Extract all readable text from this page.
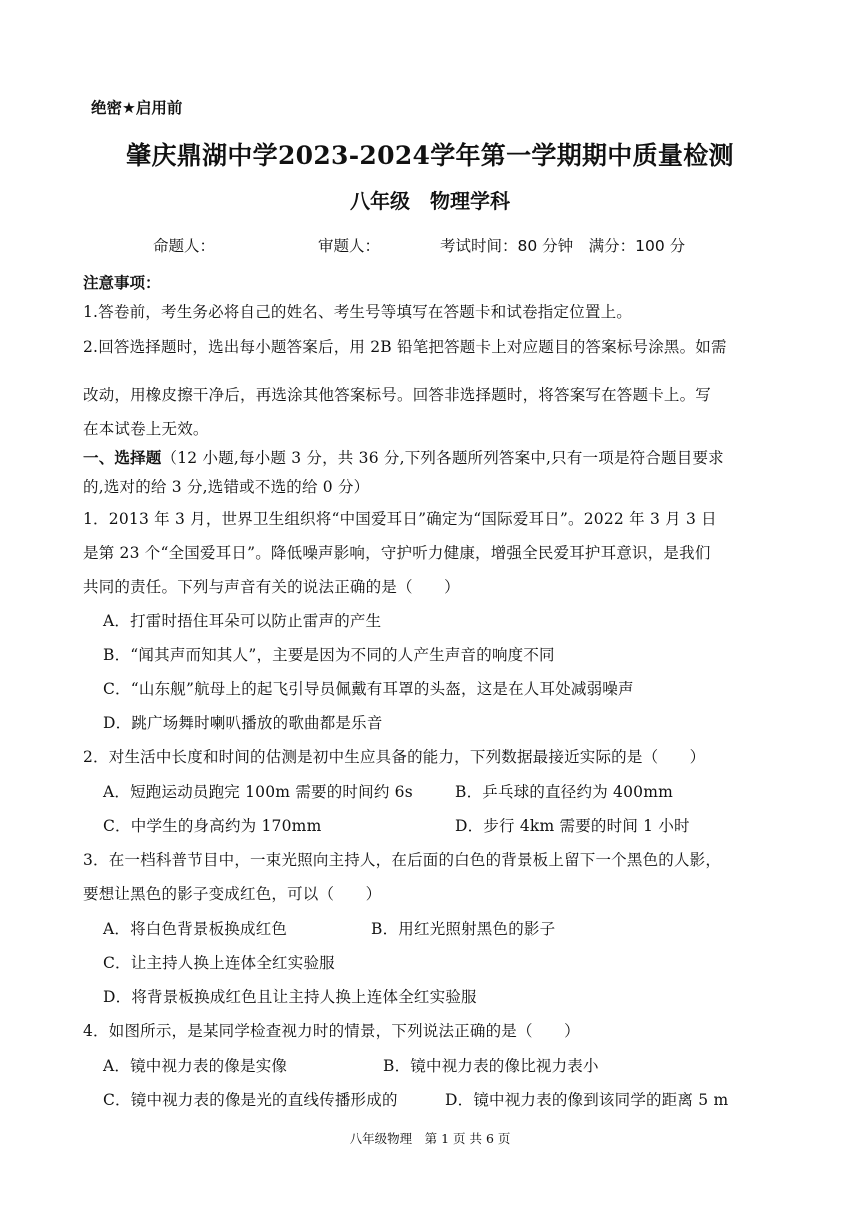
绝密★启用前
肇庆鼎湖中学2023-2024学年第一学期期中质量检测
八年级　物理学科
命题人：	审题人：	考试时间：80 分钟　满分：100 分
注意事项：
1.答卷前，考生务必将自己的姓名、考生号等填写在答题卡和试卷指定位置上。
2.回答选择题时，选出每小题答案后，用 2B 铅笔把答题卡上对应题目的答案标号涂黑。如需
改动，用橡皮擦干净后，再选涂其他答案标号。回答非选择题时，将答案写在答题卡上。写
在本试卷上无效。
一、选择题（12 小题,每小题 3 分，共 36 分,下列各题所列答案中,只有一项是符合题目要求
的,选对的给 3 分,选错或不选的给 0 分）
1．2013 年 3 月，世界卫生组织将“中国爱耳日”确定为“国际爱耳日”。2022 年 3 月 3 日
是第 23 个“全国爱耳日”。降低噪声影响，守护听力健康，增强全民爱耳护耳意识，是我们
共同的责任。下列与声音有关的说法正确的是（　　）
A．打雷时捂住耳朵可以防止雷声的产生
B．“闻其声而知其人”，主要是因为不同的人产生声音的响度不同
C．“山东舰”航母上的起飞引导员佩戴有耳罩的头盔，这是在人耳处减弱噪声
D．跳广场舞时喇叭播放的歌曲都是乐音
2．对生活中长度和时间的估测是初中生应具备的能力，下列数据最接近实际的是（　　）
A．短跑运动员跑完 100m 需要的时间约 6s	B．乒乓球的直径约为 400mm
C．中学生的身高约为 170mm	D．步行 4km 需要的时间 1 小时
3．在一档科普节目中，一束光照向主持人，在后面的白色的背景板上留下一个黑色的人影，
要想让黑色的影子变成红色，可以（　　）
A．将白色背景板换成红色	B．用红光照射黑色的影子
C．让主持人换上连体全红实验服
D．将背景板换成红色且让主持人换上连体全红实验服
4．如图所示，是某同学检查视力时的情景，下列说法正确的是（　　）
A．镜中视力表的像是实像	B．镜中视力表的像比视力表小
C．镜中视力表的像是光的直线传播形成的	D．镜中视力表的像到该同学的距离 5 m
八年级物理　第 1 页 共 6 页
